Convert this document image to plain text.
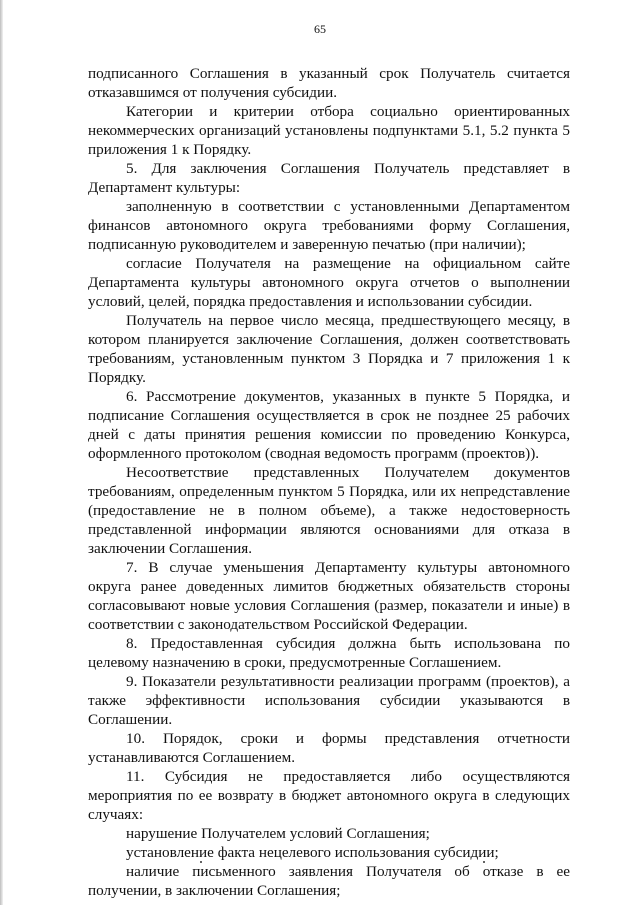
65

подписанного Соглашения в указанный срок Получатель считается отказавшимся от получения субсидии.

Категории и критерии отбора социально ориентированных некоммерческих организаций установлены подпунктами 5.1, 5.2 пункта 5 приложения 1 к Порядку.

5. Для заключения Соглашения Получатель представляет в Департамент культуры:

заполненную в соответствии с установленными Департаментом финансов автономного округа требованиями форму Соглашения, подписанную руководителем и заверенную печатью (при наличии);

согласие Получателя на размещение на официальном сайте Департамента культуры автономного округа отчетов о выполнении условий, целей, порядка предоставления и использовании субсидии.

Получатель на первое число месяца, предшествующего месяцу, в котором планируется заключение Соглашения, должен соответствовать требованиям, установленным пунктом 3 Порядка и 7 приложения 1 к Порядку.

6. Рассмотрение документов, указанных в пункте 5 Порядка, и подписание Соглашения осуществляется в срок не позднее 25 рабочих дней с даты принятия решения комиссии по проведению Конкурса, оформленного протоколом (сводная ведомость программ (проектов)).

Несоответствие представленных Получателем документов требованиям, определенным пунктом 5 Порядка, или их непредставление (предоставление не в полном объеме), а также недостоверность представленной информации являются основаниями для отказа в заключении Соглашения.

7. В случае уменьшения Департаменту культуры автономного округа ранее доведенных лимитов бюджетных обязательств стороны согласовывают новые условия Соглашения (размер, показатели и иные) в соответствии с законодательством Российской Федерации.

8. Предоставленная субсидия должна быть использована по целевому назначению в сроки, предусмотренные Соглашением.

9. Показатели результативности реализации программ (проектов), а также эффективности использования субсидии указываются в Соглашении.

10. Порядок, сроки и формы представления отчетности устанавливаются Соглашением.

11. Субсидия не предоставляется либо осуществляются мероприятия по ее возврату в бюджет автономного округа в следующих случаях:

нарушение Получателем условий Соглашения;

установление факта нецелевого использования субсидии;

наличие письменного заявления Получателя об отказе в ее получении, в заключении Соглашения;
